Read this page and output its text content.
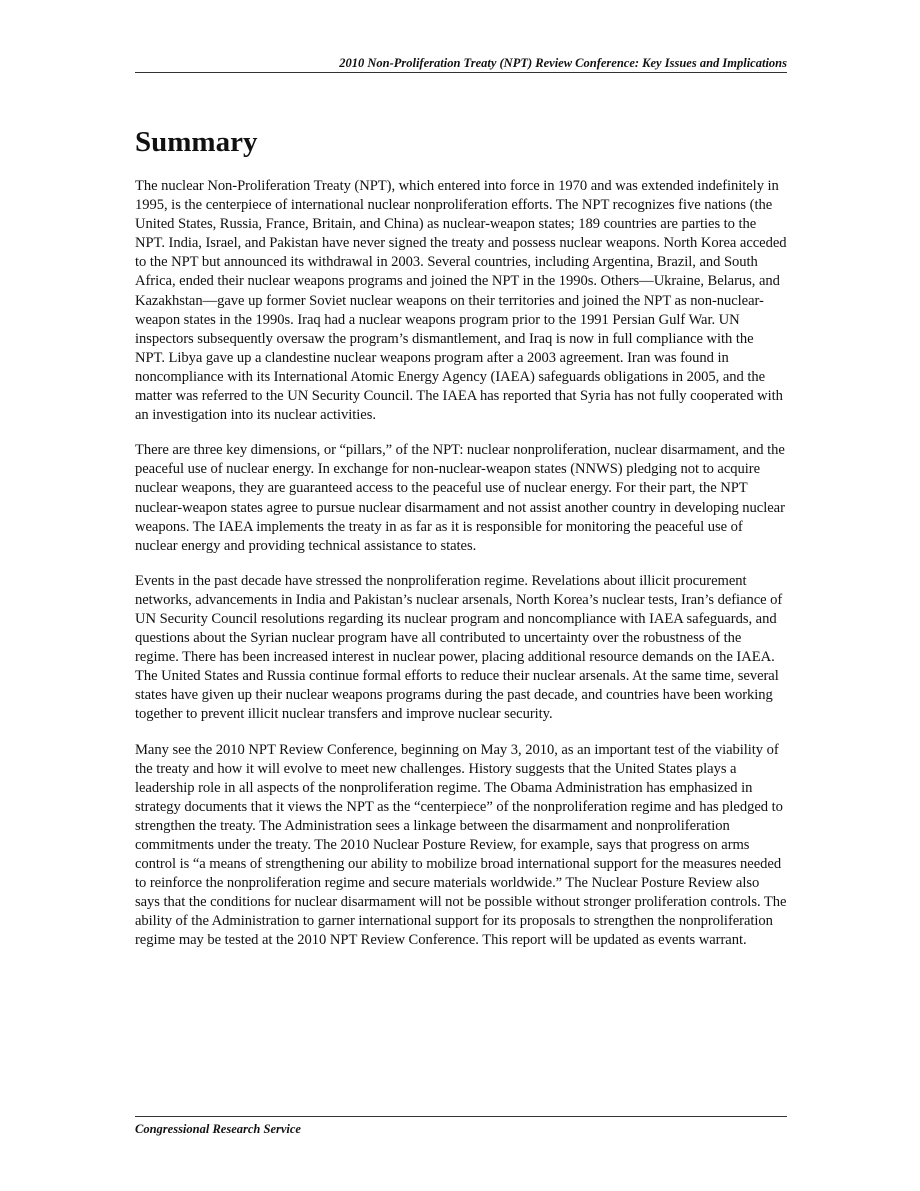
2010 Non-Proliferation Treaty (NPT) Review Conference: Key Issues and Implications
Summary

The nuclear Non-Proliferation Treaty (NPT), which entered into force in 1970 and was extended indefinitely in 1995, is the centerpiece of international nuclear nonproliferation efforts. The NPT recognizes five nations (the United States, Russia, France, Britain, and China) as nuclear-weapon states; 189 countries are parties to the NPT. India, Israel, and Pakistan have never signed the treaty and possess nuclear weapons. North Korea acceded to the NPT but announced its withdrawal in 2003. Several countries, including Argentina, Brazil, and South Africa, ended their nuclear weapons programs and joined the NPT in the 1990s. Others—Ukraine, Belarus, and Kazakhstan—gave up former Soviet nuclear weapons on their territories and joined the NPT as non-nuclear-weapon states in the 1990s. Iraq had a nuclear weapons program prior to the 1991 Persian Gulf War. UN inspectors subsequently oversaw the program’s dismantlement, and Iraq is now in full compliance with the NPT. Libya gave up a clandestine nuclear weapons program after a 2003 agreement. Iran was found in noncompliance with its International Atomic Energy Agency (IAEA) safeguards obligations in 2005, and the matter was referred to the UN Security Council. The IAEA has reported that Syria has not fully cooperated with an investigation into its nuclear activities.

There are three key dimensions, or “pillars,” of the NPT: nuclear nonproliferation, nuclear disarmament, and the peaceful use of nuclear energy. In exchange for non-nuclear-weapon states (NNWS) pledging not to acquire nuclear weapons, they are guaranteed access to the peaceful use of nuclear energy. For their part, the NPT nuclear-weapon states agree to pursue nuclear disarmament and not assist another country in developing nuclear weapons. The IAEA implements the treaty in as far as it is responsible for monitoring the peaceful use of nuclear energy and providing technical assistance to states.

Events in the past decade have stressed the nonproliferation regime. Revelations about illicit procurement networks, advancements in India and Pakistan’s nuclear arsenals, North Korea’s nuclear tests, Iran’s defiance of UN Security Council resolutions regarding its nuclear program and noncompliance with IAEA safeguards, and questions about the Syrian nuclear program have all contributed to uncertainty over the robustness of the regime. There has been increased interest in nuclear power, placing additional resource demands on the IAEA. The United States and Russia continue formal efforts to reduce their nuclear arsenals. At the same time, several states have given up their nuclear weapons programs during the past decade, and countries have been working together to prevent illicit nuclear transfers and improve nuclear security.

Many see the 2010 NPT Review Conference, beginning on May 3, 2010, as an important test of the viability of the treaty and how it will evolve to meet new challenges. History suggests that the United States plays a leadership role in all aspects of the nonproliferation regime. The Obama Administration has emphasized in strategy documents that it views the NPT as the “centerpiece” of the nonproliferation regime and has pledged to strengthen the treaty. The Administration sees a linkage between the disarmament and nonproliferation commitments under the treaty. The 2010 Nuclear Posture Review, for example, says that progress on arms control is “a means of strengthening our ability to mobilize broad international support for the measures needed to reinforce the nonproliferation regime and secure materials worldwide.” The Nuclear Posture Review also says that the conditions for nuclear disarmament will not be possible without stronger proliferation controls. The ability of the Administration to garner international support for its proposals to strengthen the nonproliferation regime may be tested at the 2010 NPT Review Conference. This report will be updated as events warrant.

Congressional Research Service
